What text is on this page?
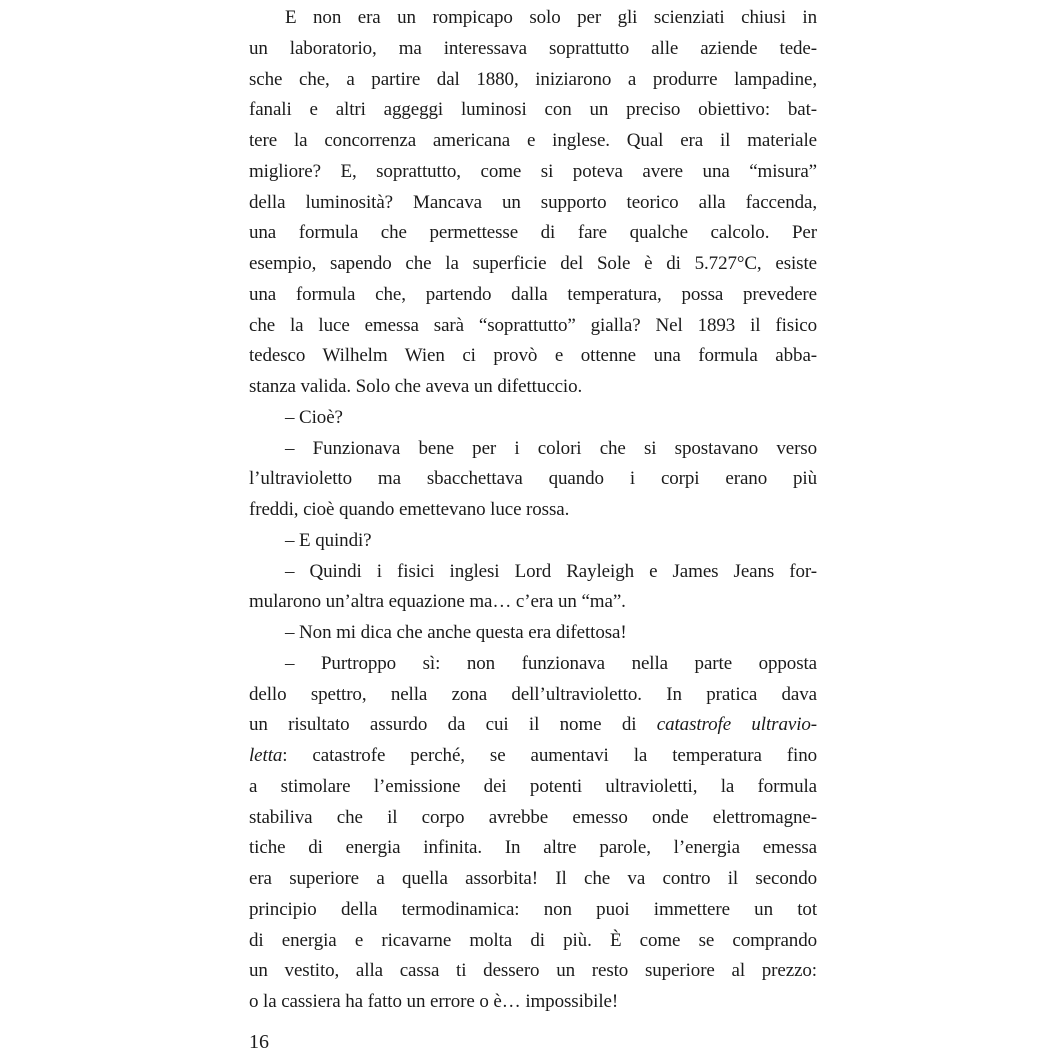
E non era un rompicapo solo per gli scienziati chiusi in
un laboratorio, ma interessava soprattutto alle aziende tede-
sche che, a partire dal 1880, iniziarono a produrre lampadine,
fanali e altri aggeggi luminosi con un preciso obiettivo: bat-
tere la concorrenza americana e inglese. Qual era il materiale
migliore? E, soprattutto, come si poteva avere una “misura”
della luminosità? Mancava un supporto teorico alla faccenda,
una formula che permettesse di fare qualche calcolo. Per
esempio, sapendo che la superficie del Sole è di 5.727°C, esiste
una formula che, partendo dalla temperatura, possa prevedere
che la luce emessa sarà “soprattutto” gialla? Nel 1893 il fisico
tedesco Wilhelm Wien ci provò e ottenne una formula abba-
stanza valida. Solo che aveva un difettuccio.
– Cioè?
– Funzionava bene per i colori che si spostavano verso
l’ultravioletto ma sbacchettava quando i corpi erano più
freddi, cioè quando emettevano luce rossa.
– E quindi?
– Quindi i fisici inglesi Lord Rayleigh e James Jeans for-
mularono un’altra equazione ma… c’era un “ma”.
– Non mi dica che anche questa era difettosa!
– Purtroppo sì: non funzionava nella parte opposta
dello spettro, nella zona dell’ultravioletto. In pratica dava
un risultato assurdo da cui il nome di catastrofe ultravio-
letta: catastrofe perché, se aumentavi la temperatura fino
a stimolare l’emissione dei potenti ultravioletti, la formula
stabiliva che il corpo avrebbe emesso onde elettromagne-
tiche di energia infinita. In altre parole, l’energia emessa
era superiore a quella assorbita! Il che va contro il secondo
principio della termodinamica: non puoi immettere un tot
di energia e ricavarne molta di più. È come se comprando
un vestito, alla cassa ti dessero un resto superiore al prezzo:
o la cassiera ha fatto un errore o è… impossibile!
16
